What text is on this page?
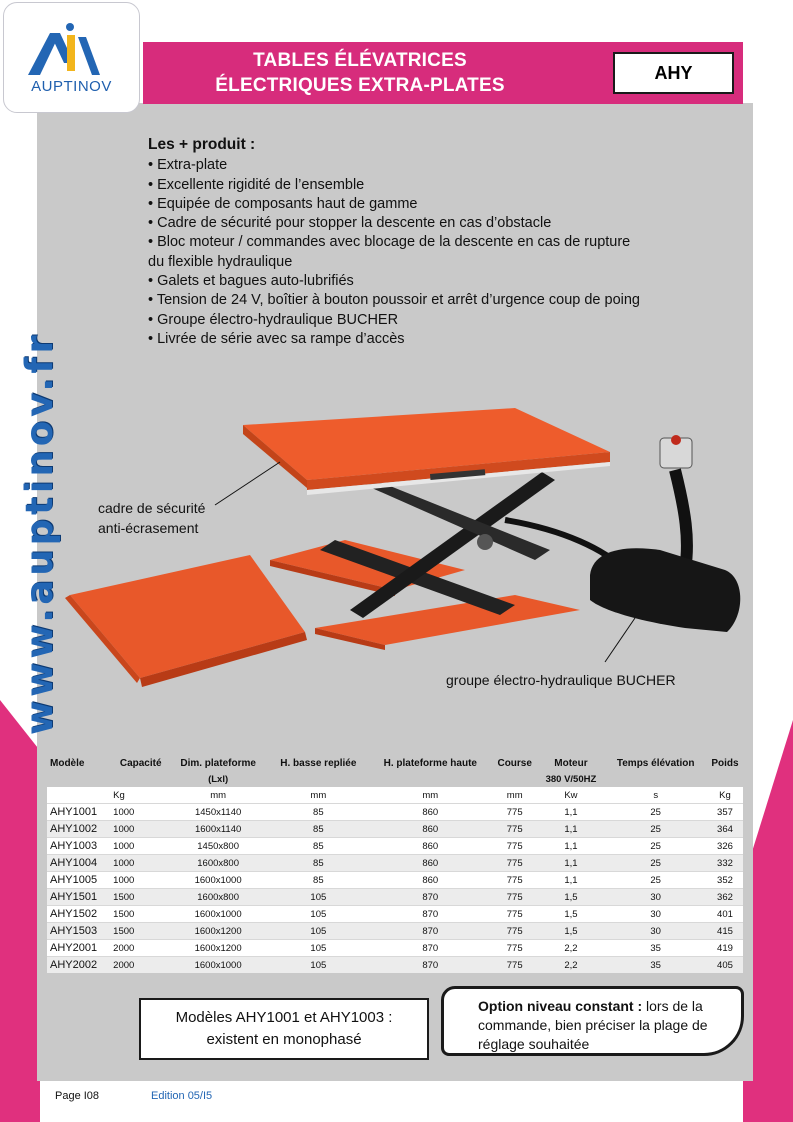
TABLES ÉLÉVATRICES
ÉLECTRIQUES EXTRA-PLATES
AHY
AUPTINOV
www.auptinov.fr
Les + produit :
• Extra-plate
• Excellente rigidité de l’ensemble
• Equipée de composants haut de gamme
• Cadre de sécurité pour stopper la descente en cas d’obstacle
• Bloc moteur / commandes avec blocage de la descente en cas de rupture
du flexible hydraulique
• Galets et bagues auto-lubrifiés
• Tension de 24 V, boîtier à bouton poussoir et arrêt d’urgence coup de poing
• Groupe électro-hydraulique BUCHER
• Livrée de série avec sa rampe d’accès
cadre de sécurité
anti-écrasement
groupe électro-hydraulique BUCHER
Modèle	Capacité	Dim. plateforme	H. basse repliée	H. plateforme haute	Course	Moteur	Temps élévation	Poids
		(Lxl)				380 V/50HZ		
	Kg	mm	mm	mm	mm	Kw	s	Kg
AHY1001	1000	1450x1140	85	860	775	1,1	25	357
AHY1002	1000	1600x1140	85	860	775	1,1	25	364
AHY1003	1000	1450x800	85	860	775	1,1	25	326
AHY1004	1000	1600x800	85	860	775	1,1	25	332
AHY1005	1000	1600x1000	85	860	775	1,1	25	352
AHY1501	1500	1600x800	105	870	775	1,5	30	362
AHY1502	1500	1600x1000	105	870	775	1,5	30	401
AHY1503	1500	1600x1200	105	870	775	1,5	30	415
AHY2001	2000	1600x1200	105	870	775	2,2	35	419
AHY2002	2000	1600x1000	105	870	775	2,2	35	405
Modèles AHY1001 et AHY1003 :
existent en monophasé
Option niveau constant : lors de la commande, bien préciser la plage de réglage souhaitée
Page I08	Edition 05/I5
